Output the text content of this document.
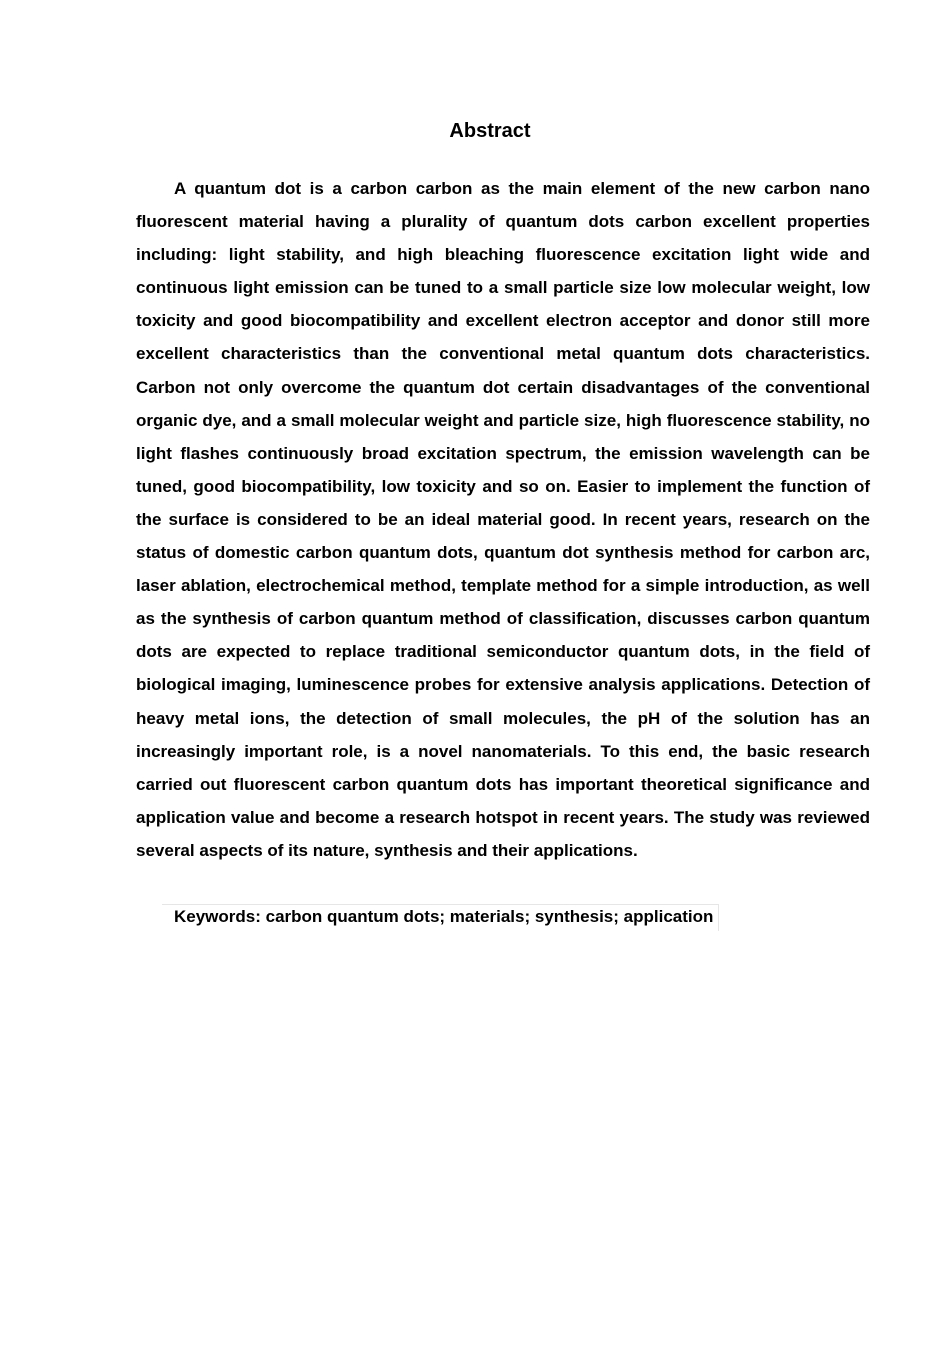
Abstract

A quantum dot is a carbon carbon as the main element of the new carbon nano fluorescent material having a plurality of quantum dots carbon excellent properties including: light stability, and high bleaching fluorescence excitation light wide and continuous light emission can be tuned to a small particle size low molecular weight, low toxicity and good biocompatibility and excellent electron acceptor and donor still more excellent characteristics than the conventional metal quantum dots characteristics. Carbon not only overcome the quantum dot certain disadvantages of the conventional organic dye, and a small molecular weight and particle size, high fluorescence stability, no light flashes continuously broad excitation spectrum, the emission wavelength can be tuned, good biocompatibility, low toxicity and so on. Easier to implement the function of the surface is considered to be an ideal material good. In recent years, research on the status of domestic carbon quantum dots, quantum dot synthesis method for carbon arc, laser ablation, electrochemical method, template method for a simple introduction, as well as the synthesis of carbon quantum method of classification, discusses carbon quantum dots are expected to replace traditional semiconductor quantum dots, in the field of biological imaging, luminescence probes for extensive analysis applications. Detection of heavy metal ions, the detection of small molecules, the pH of the solution has an increasingly important role, is a novel nanomaterials. To this end, the basic research carried out fluorescent carbon quantum dots has important theoretical significance and application value and become a research hotspot in recent years. The study was reviewed several aspects of its nature, synthesis and their applications.

Keywords: carbon quantum dots; materials; synthesis; application
